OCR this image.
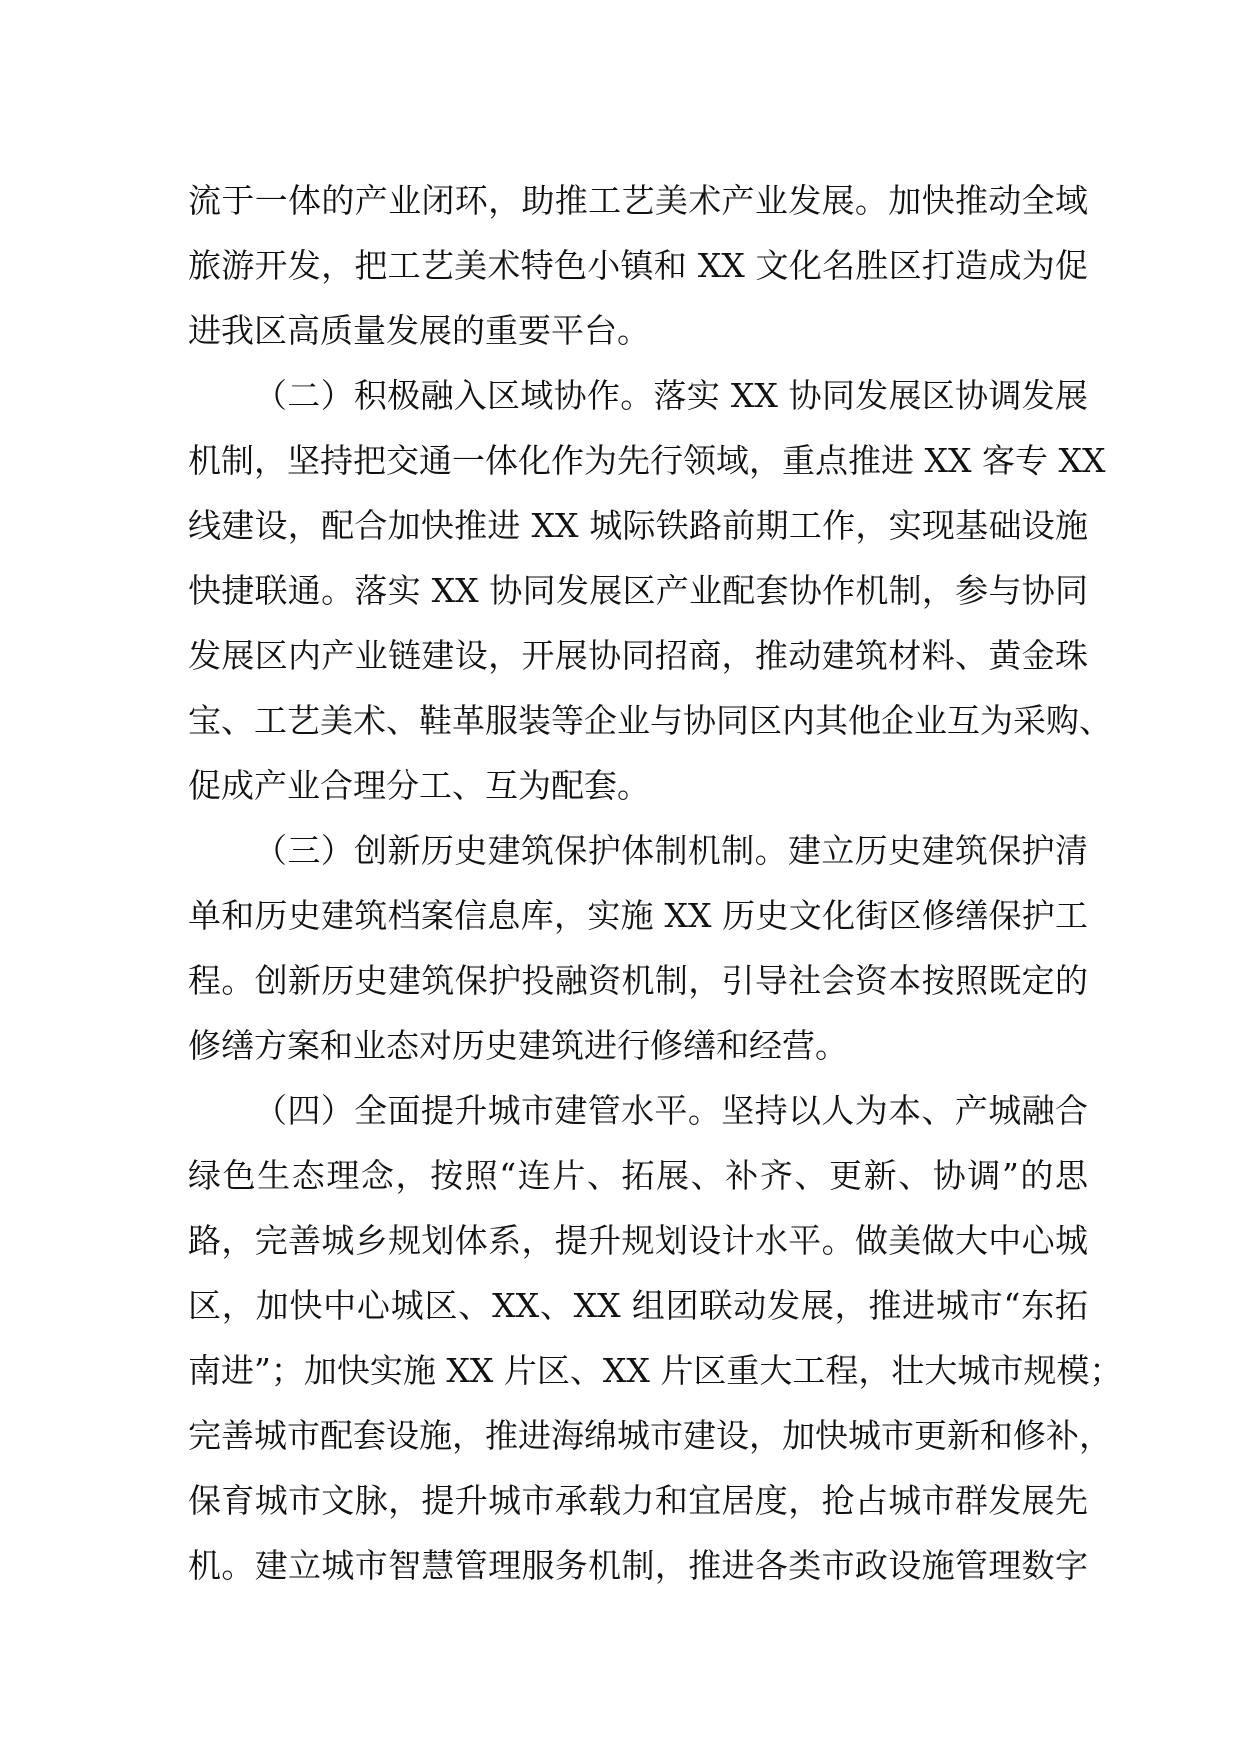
流于一体的产业闭环，助推工艺美术产业发展。加快推动全域
旅游开发，把工艺美术特色小镇和 XX 文化名胜区打造成为促
进我区高质量发展的重要平台。
（二）积极融入区域协作。落实 XX 协同发展区协调发展
机制，坚持把交通一体化作为先行领域，重点推进 XX 客专 XX
线建设，配合加快推进 XX 城际铁路前期工作，实现基础设施
快捷联通。落实 XX 协同发展区产业配套协作机制，参与协同
发展区内产业链建设，开展协同招商，推动建筑材料、黄金珠
宝、工艺美术、鞋革服装等企业与协同区内其他企业互为采购、
促成产业合理分工、互为配套。
（三）创新历史建筑保护体制机制。建立历史建筑保护清
单和历史建筑档案信息库，实施 XX 历史文化街区修缮保护工
程。创新历史建筑保护投融资机制，引导社会资本按照既定的
修缮方案和业态对历史建筑进行修缮和经营。
（四）全面提升城市建管水平。坚持以人为本、产城融合
绿色生态理念，按照“连片、拓展、补齐、更新、协调”的思
路，完善城乡规划体系，提升规划设计水平。做美做大中心城
区，加快中心城区、XX、XX 组团联动发展，推进城市“东拓
南进”；加快实施 XX 片区、XX 片区重大工程，壮大城市规模；
完善城市配套设施，推进海绵城市建设，加快城市更新和修补，
保育城市文脉，提升城市承载力和宜居度，抢占城市群发展先
机。建立城市智慧管理服务机制，推进各类市政设施管理数字
